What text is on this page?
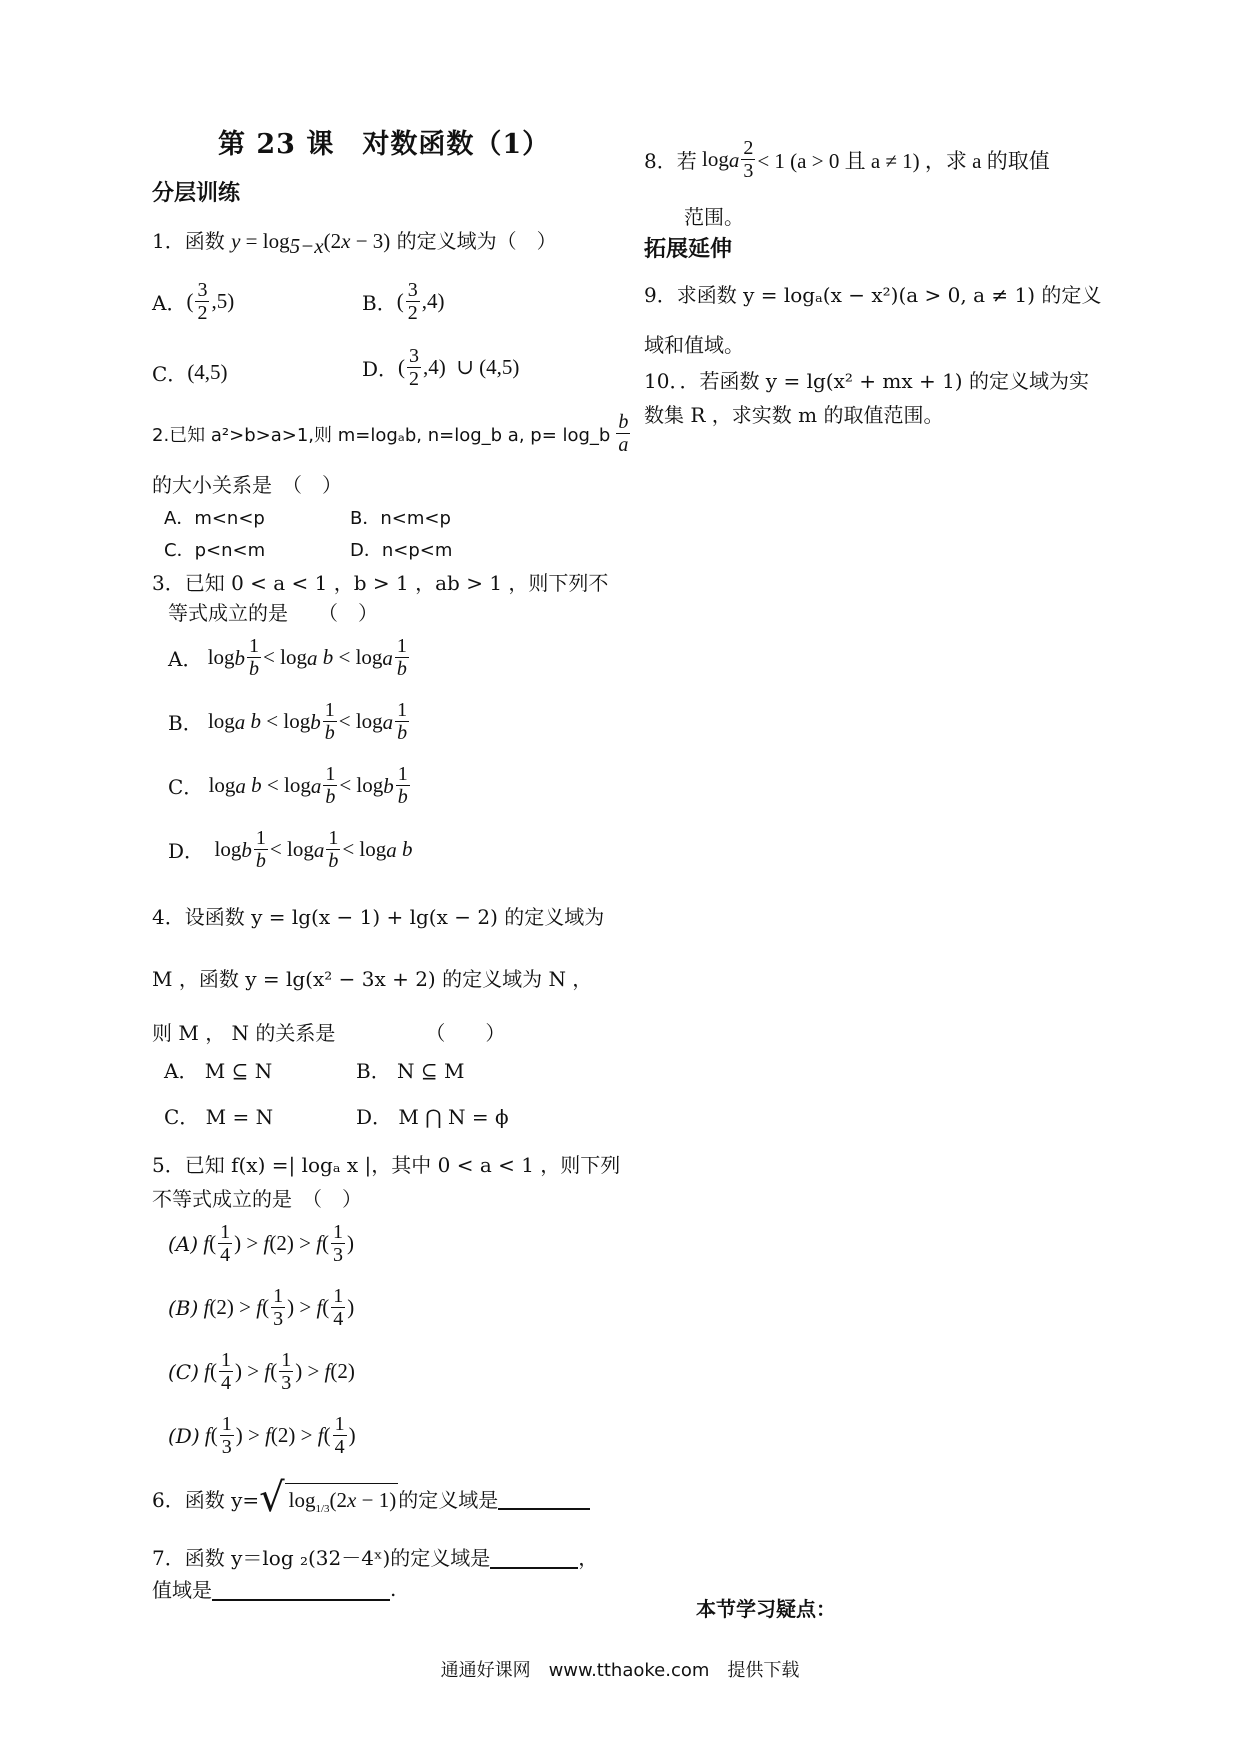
第 23 课　对数函数（1）
分层训练
1．函数 $y = \log_{5-x}(2x - 3)$ 的定义域为（　）
A． ( $\frac{3}{2} ,5$)	B． ( $\frac{3}{2} ,4$)
C． (4,5)	D． ( $\frac{3}{2} ,4$)  ∪ (4,5)
2.已知 a²>b>a>1,则 m=logₐb, n=log_b a, p= log_b $\frac{b}{a}$
的大小关系是　（　）
A．m<n<p	B．n<m<p
C．p<n<m	D．n<p<m
3．已知 0 < a < 1 ，b > 1 ，ab > 1 ，则下列不
等式成立的是　　（　）
A． log b $\frac{1}{b} < \log a$ b < log a $\frac{1}{b}$
B． log a b < log b $\frac{1}{b} < \log a \frac{1}{b}$
C． log a b < log a $\frac{1}{b} < \log b \frac{1}{b}$
D． log b $\frac{1}{b} < \log a \frac{1}{b} < \log a$ b
4．设函数 y = lg(x − 1) + lg(x − 2) 的定义域为
M ，函数 y = lg(x² − 3x + 2) 的定义域为 N ，
则 M ， N 的关系是　　　　　（　　）
A． M ⊆ N	B． N ⊆ M
C． M = N	D． M ⋂ N = ϕ
5．已知 f(x) =| logₐ x |，其中 0 < a < 1 ，则下列
不等式成立的是　（　）
(A) f ( $\frac{1}{4}$ ) > $f(2) > f( \frac{1}{3}$ )
(B) $f(2) > f( \frac{1}{3}$ ) > $f( \frac{1}{4}$ )
(C) f ( $\frac{1}{4}$ ) > $f( \frac{1}{3}$ ) > f(2)
(D) f ( $\frac{1}{3}$ ) > $f(2) > f( \frac{1}{4}$ )
6．函数 y= √ $\log_{1/3}(2x - 1)$ 的定义域是
7．函数 y＝log ₂(32－4ˣ)的定义域是	，
值域是	.
8．若 log a $\frac{2}{3} < 1$ (a > 0 且 a ≠ 1) ，求 a 的取值
范围。
拓展延伸
9．求函数 y = logₐ(x − x²)(a > 0, a ≠ 1) 的定义
域和值域。
10．．若函数 y = lg(x² + mx + 1) 的定义域为实
数集 R ，求实数 m 的取值范围。
本节学习疑点：
通通好课网　www.tthaoke.com　提供下载
